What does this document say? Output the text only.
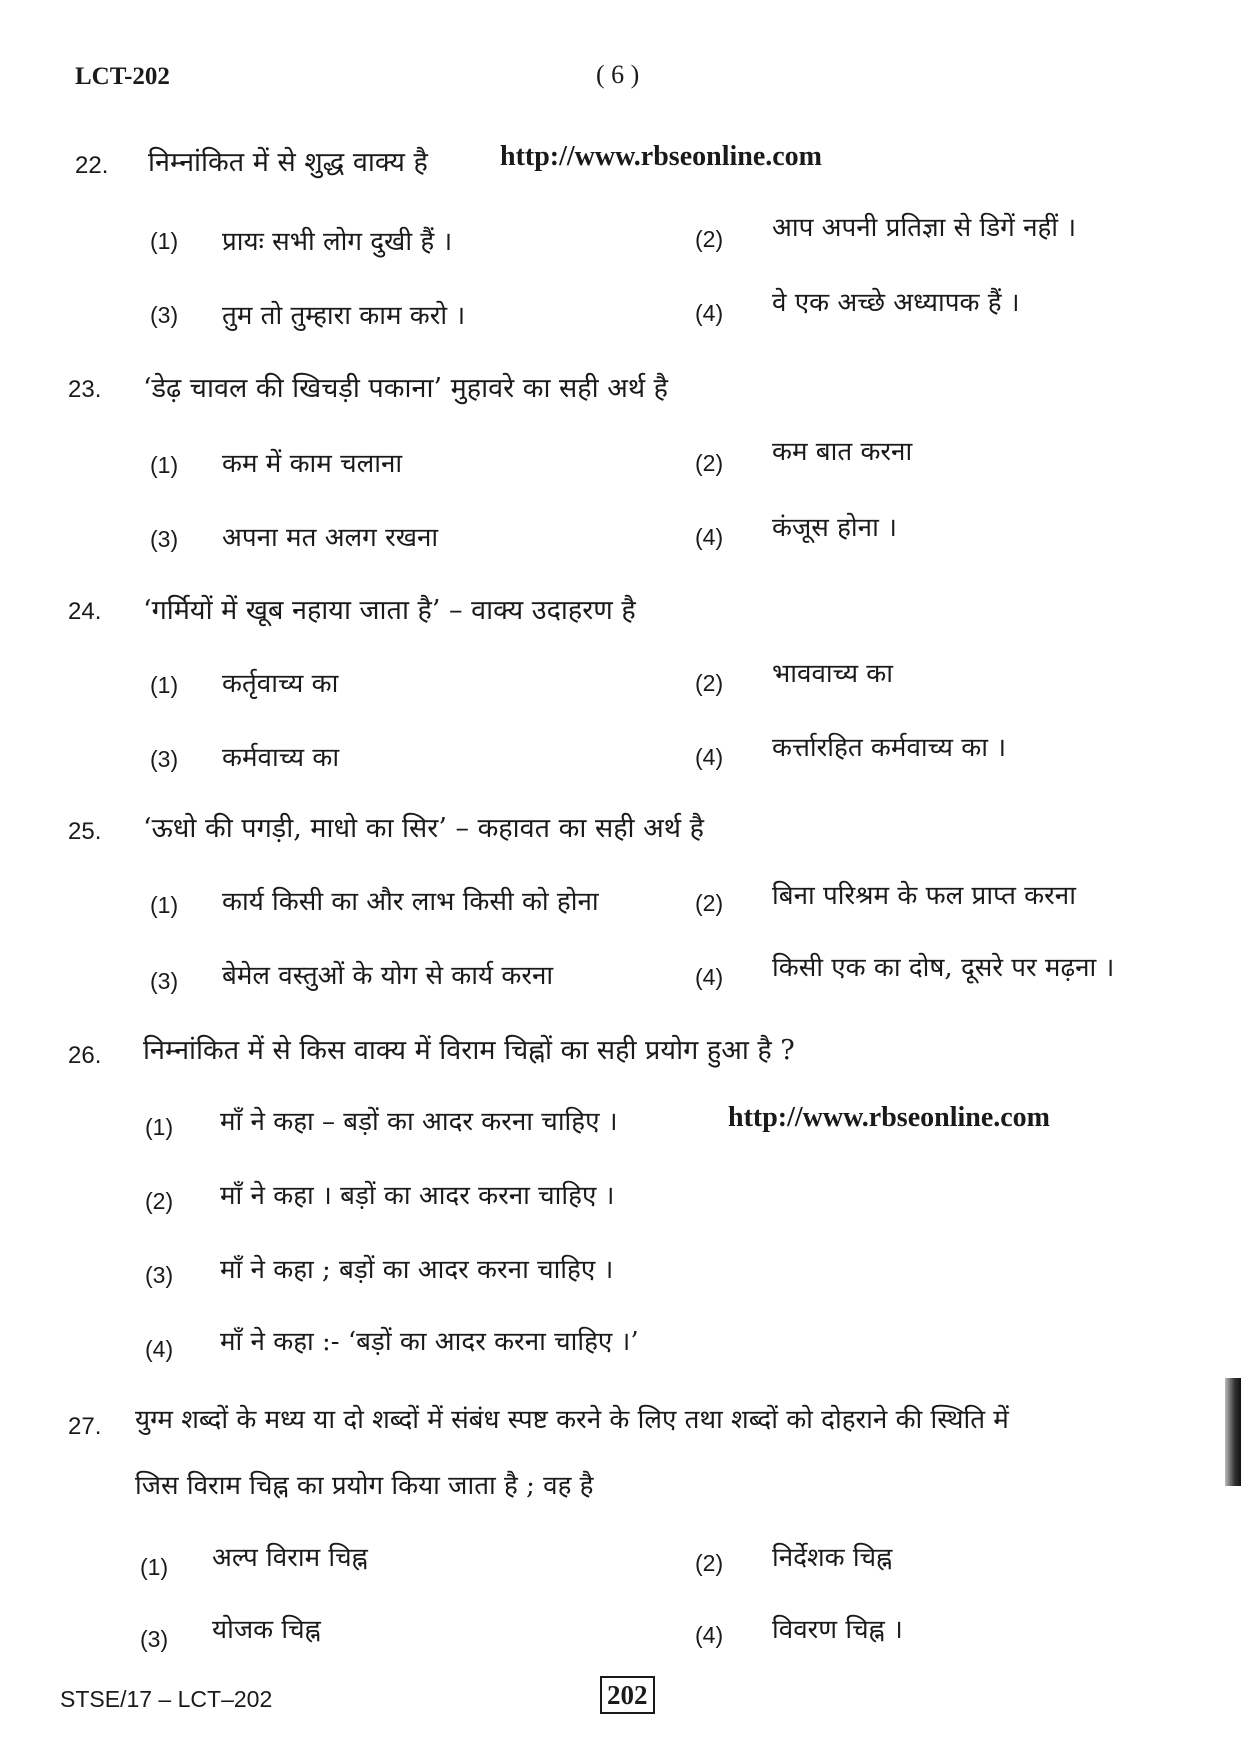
LCT-202	( 6 )
22. निम्नांकित में से शुद्ध वाक्य है	http://www.rbseonline.com
(1) प्रायः सभी लोग दुखी हैं ।	(2) आप अपनी प्रतिज्ञा से डिगें नहीं ।
(3) तुम तो तुम्हारा काम करो ।	(4) वे एक अच्छे अध्यापक हैं ।
23. ‘डेढ़ चावल की खिचड़ी पकाना’ मुहावरे का सही अर्थ है
(1) कम में काम चलाना	(2) कम बात करना
(3) अपना मत अलग रखना	(4) कंजूस होना ।
24. ‘गर्मियों में खूब नहाया जाता है’ – वाक्य उदाहरण है
(1) कर्तृवाच्य का	(2) भाववाच्य का
(3) कर्मवाच्य का	(4) कर्त्तारहित कर्मवाच्य का ।
25. ‘ऊधो की पगड़ी, माधो का सिर’ – कहावत का सही अर्थ है
(1) कार्य किसी का और लाभ किसी को होना	(2) बिना परिश्रम के फल प्राप्त करना
(3) बेमेल वस्तुओं के योग से कार्य करना	(4) किसी एक का दोष, दूसरे पर मढ़ना ।
26. निम्नांकित में से किस वाक्य में विराम चिह्नों का सही प्रयोग हुआ है ?
(1) माँ ने कहा – बड़ों का आदर करना चाहिए ।	http://www.rbseonline.com
(2) माँ ने कहा । बड़ों का आदर करना चाहिए ।
(3) माँ ने कहा ; बड़ों का आदर करना चाहिए ।
(4) माँ ने कहा :- ‘बड़ों का आदर करना चाहिए ।’
27. युग्म शब्दों के मध्य या दो शब्दों में संबंध स्पष्ट करने के लिए तथा शब्दों को दोहराने की स्थिति में
जिस विराम चिह्न का प्रयोग किया जाता है ; वह है
(1) अल्प विराम चिह्न	(2) निर्देशक चिह्न
(3) योजक चिह्न	(4) विवरण चिह्न ।
STSE/17 – LCT–202	202
